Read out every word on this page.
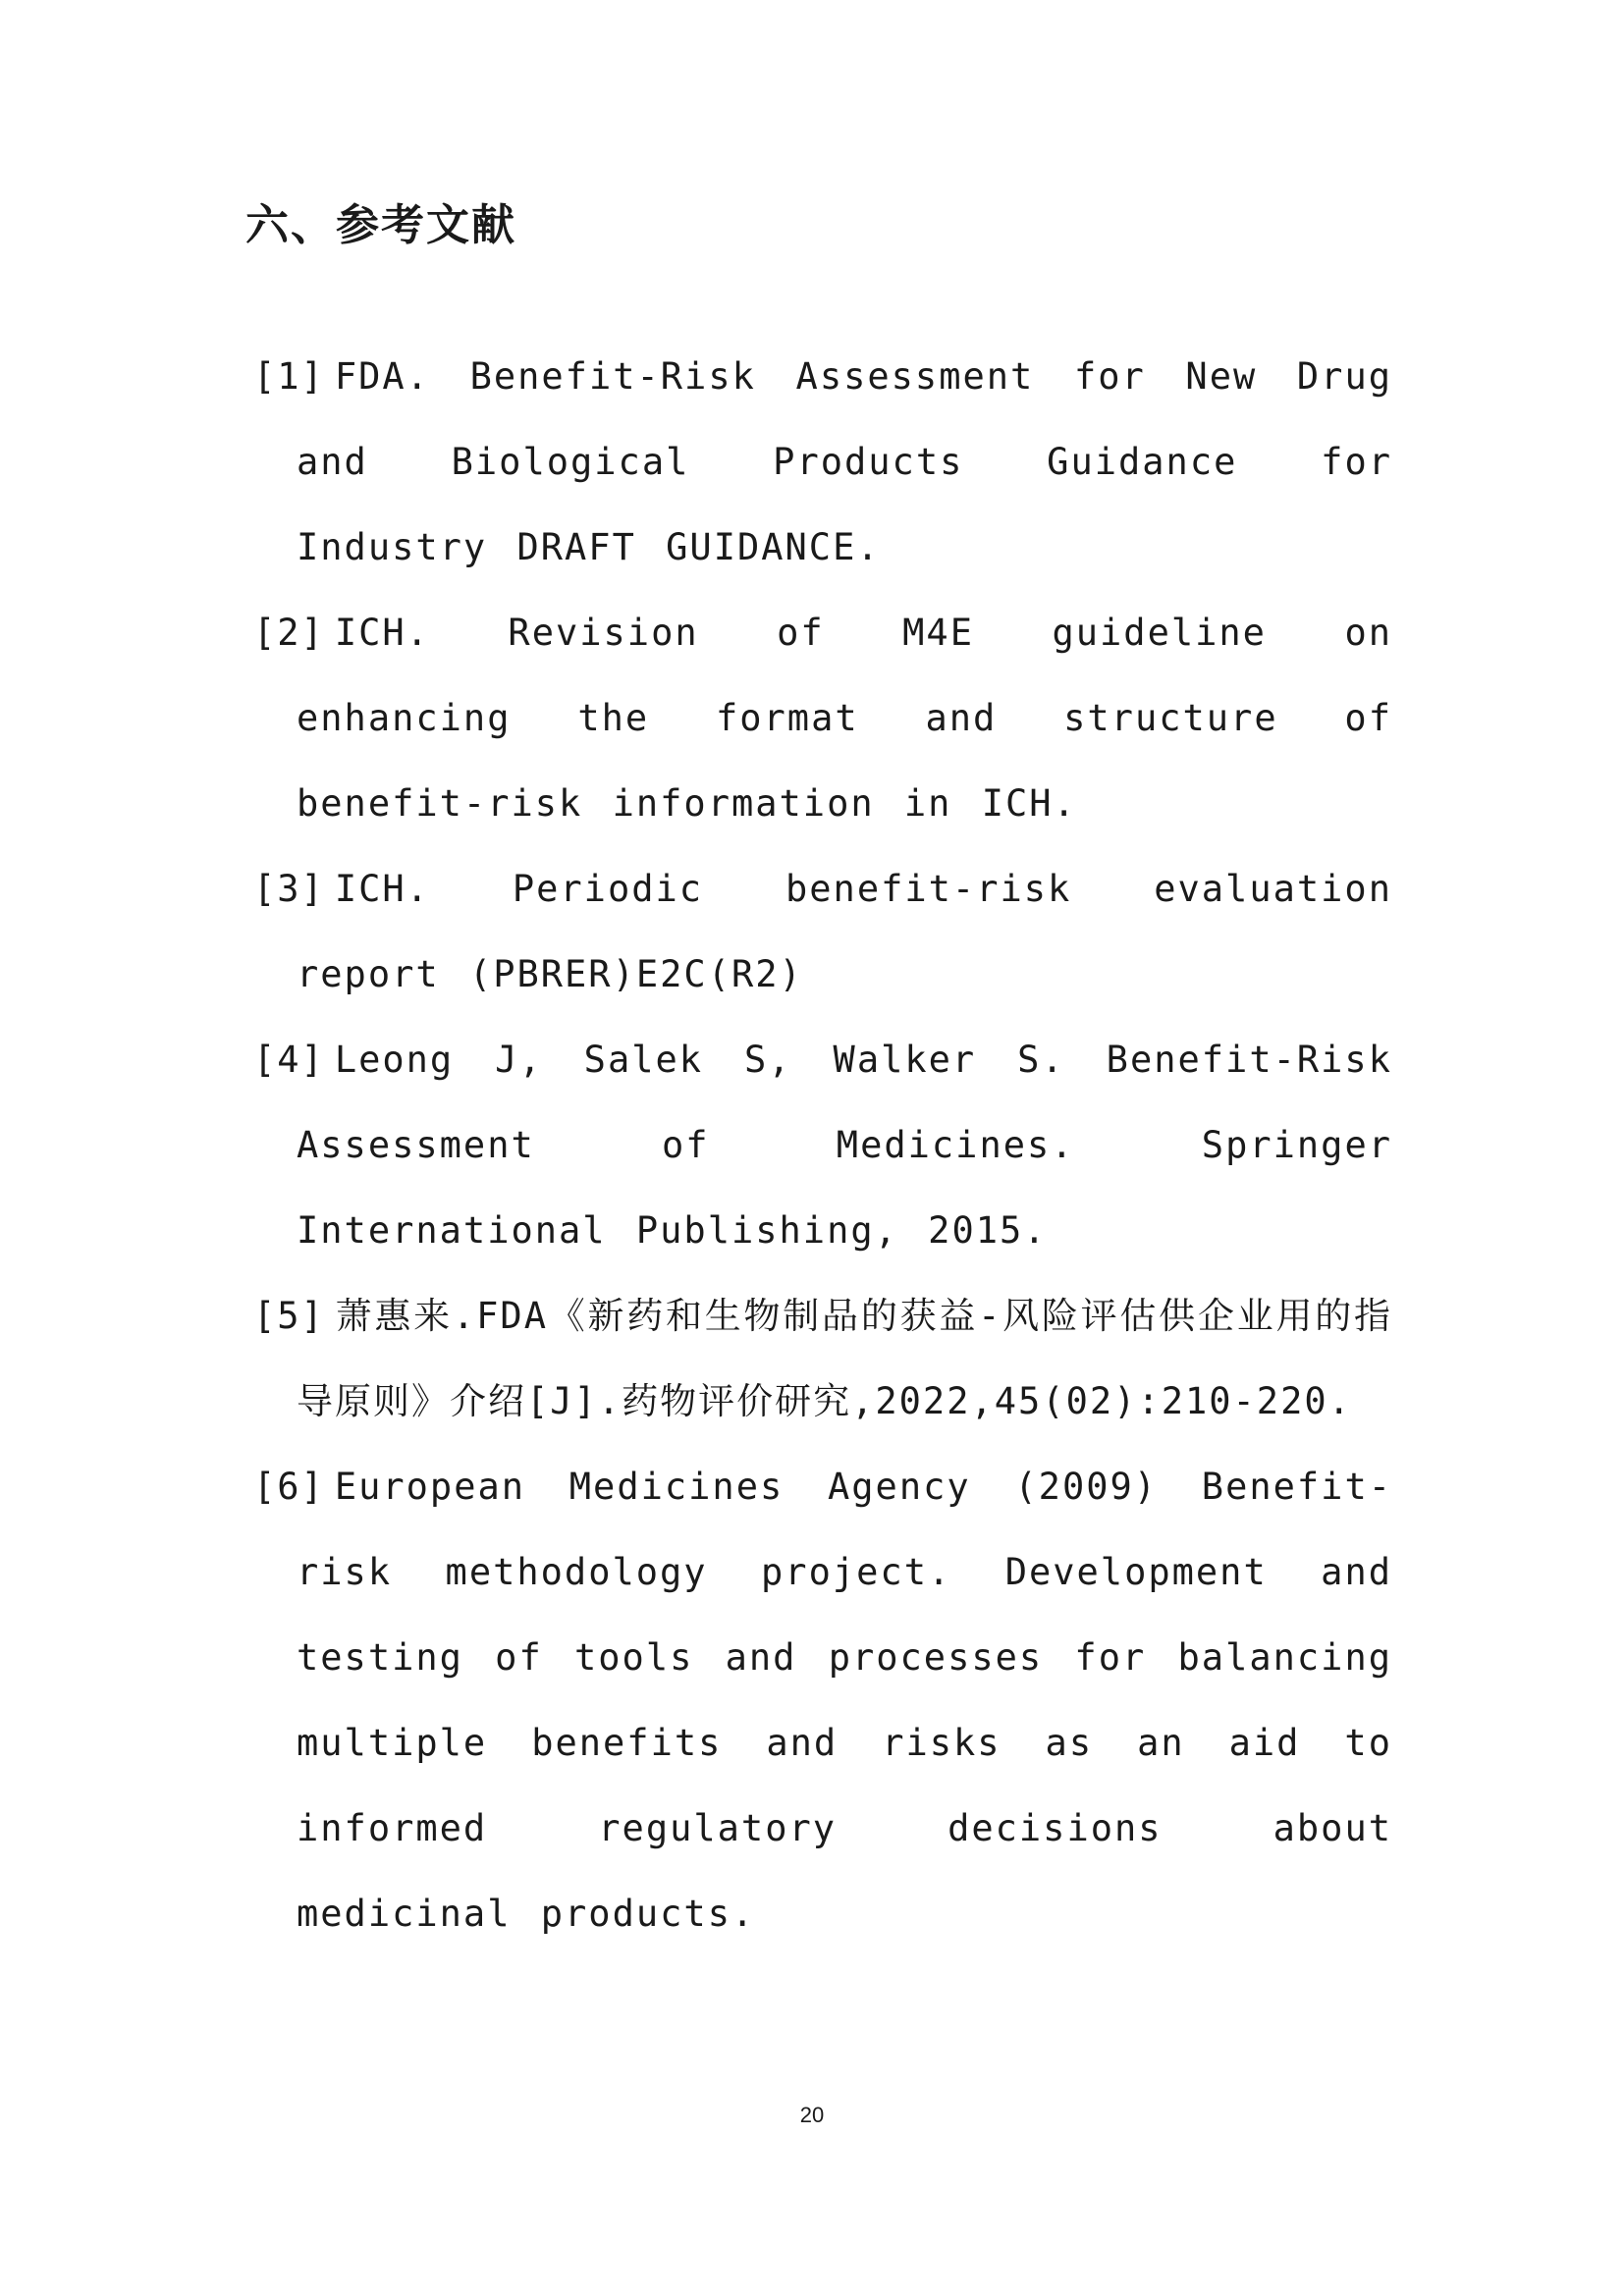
六、参考文献
[1] FDA. Benefit-Risk Assessment for New Drug and Biological Products Guidance for Industry DRAFT GUIDANCE.
[2] ICH. Revision of M4E guideline on enhancing the format and structure of benefit-risk information in ICH.
[3] ICH. Periodic benefit-risk evaluation report (PBRER)E2C(R2)
[4] Leong J, Salek S, Walker S. Benefit-Risk Assessment of Medicines. Springer International Publishing, 2015.
[5] 萧惠来.FDA《新药和生物制品的获益-风险评估供企业用的指导原则》介绍[J].药物评价研究,2022,45(02):210-220.
[6] European Medicines Agency (2009) Benefit-risk methodology project. Development and testing of tools and processes for balancing multiple benefits and risks as an aid to informed regulatory decisions about medicinal products.
20
